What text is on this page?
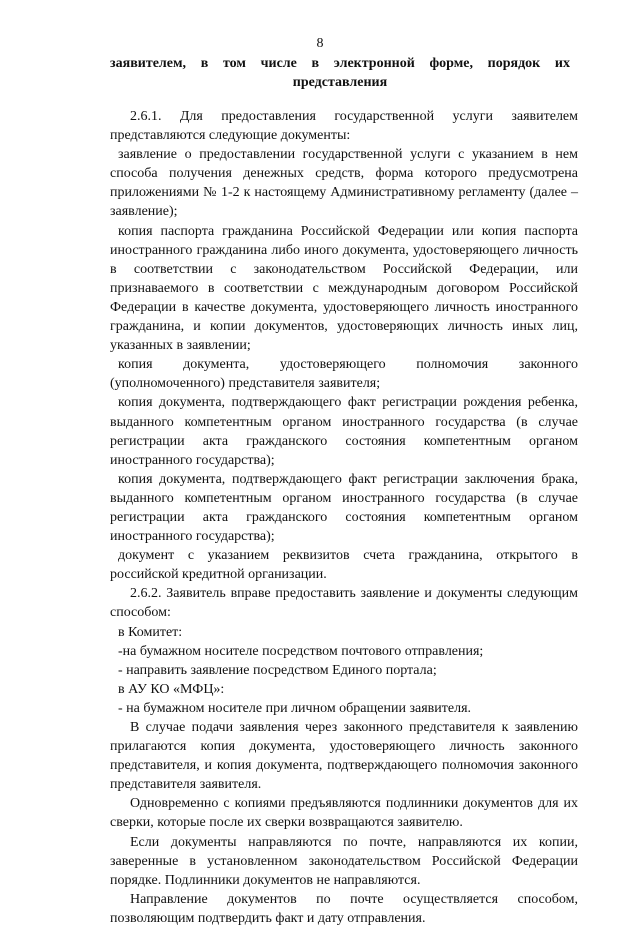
8
заявителем, в том числе в электронной форме, порядок их
представления

2.6.1. Для предоставления государственной услуги заявителем представляются следующие документы:

заявление о предоставлении государственной услуги с указанием в нем способа получения денежных средств, форма которого предусмотрена приложениями № 1-2 к настоящему Административному регламенту (далее – заявление);

копия паспорта гражданина Российской Федерации или копия паспорта иностранного гражданина либо иного документа, удостоверяющего личность в соответствии с законодательством Российской Федерации, или признаваемого в соответствии с международным договором Российской Федерации в качестве документа, удостоверяющего личность иностранного гражданина, и копии документов, удостоверяющих личность иных лиц, указанных в заявлении;

копия документа, удостоверяющего полномочия законного (уполномоченного) представителя заявителя;

копия документа, подтверждающего факт регистрации рождения ребенка, выданного компетентным органом иностранного государства (в случае регистрации акта гражданского состояния компетентным органом иностранного государства);

копия документа, подтверждающего факт регистрации заключения брака, выданного компетентным органом иностранного государства (в случае регистрации акта гражданского состояния компетентным органом иностранного государства);

документ с указанием реквизитов счета гражданина, открытого в российской кредитной организации.

2.6.2. Заявитель вправе предоставить заявление и документы следующим способом:

в Комитет:

-на бумажном носителе посредством почтового отправления;

- направить заявление посредством Единого портала;

в АУ КО «МФЦ»:

- на бумажном носителе при личном обращении заявителя.

В случае подачи заявления через законного представителя к заявлению прилагаются копия документа, удостоверяющего личность законного представителя, и копия документа, подтверждающего полномочия законного представителя заявителя.

Одновременно с копиями предъявляются подлинники документов для их сверки, которые после их сверки возвращаются заявителю.

Если документы направляются по почте, направляются их копии, заверенные в установленном законодательством Российской Федерации порядке. Подлинники документов не направляются.

Направление документов по почте осуществляется способом, позволяющим подтвердить факт и дату отправления.
